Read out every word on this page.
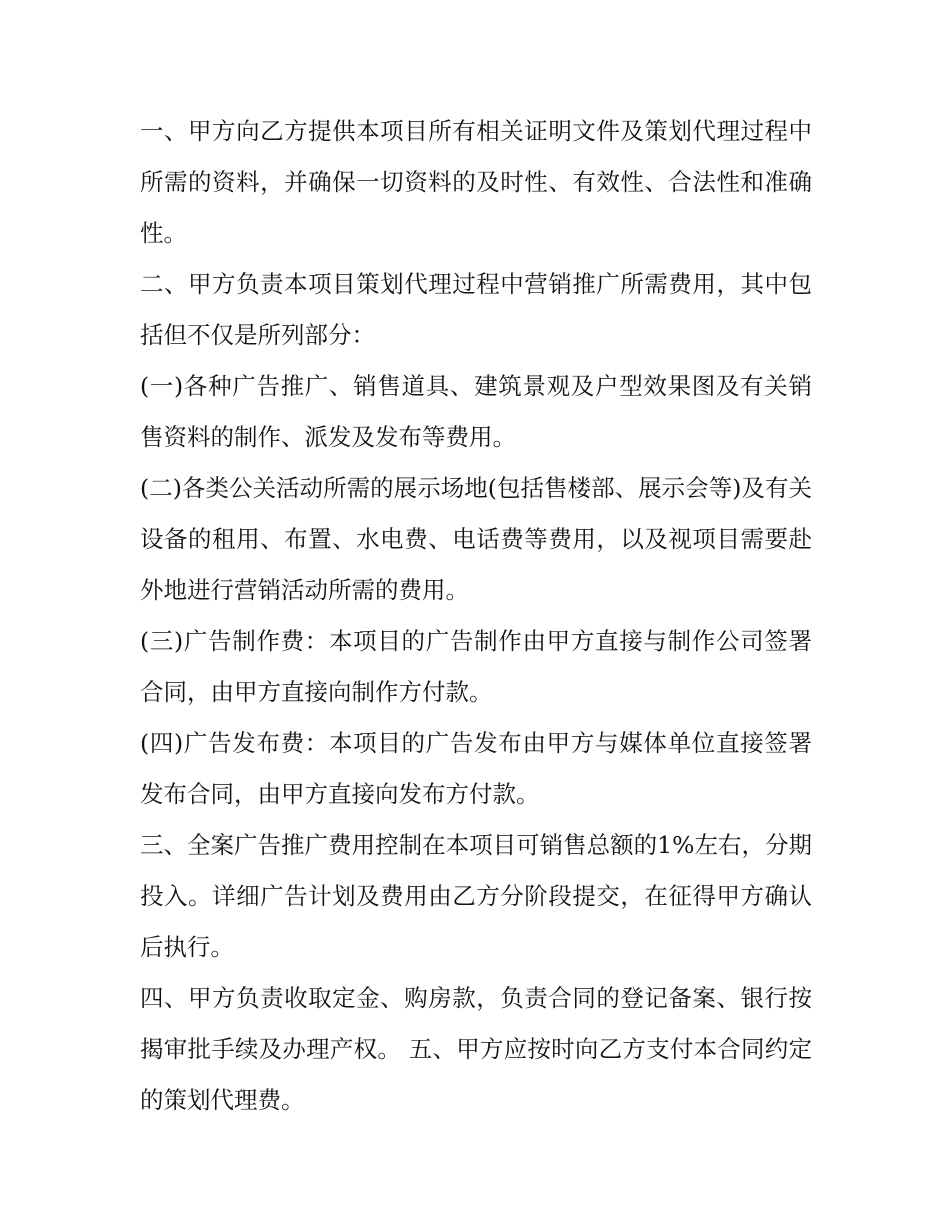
一、甲方向乙方提供本项目所有相关证明文件及策划代理过程中所需的资料，并确保一切资料的及时性、有效性、合法性和准确性。

二、甲方负责本项目策划代理过程中营销推广所需费用，其中包括但不仅是所列部分：

(一)各种广告推广、销售道具、建筑景观及户型效果图及有关销售资料的制作、派发及发布等费用。

(二)各类公关活动所需的展示场地(包括售楼部、展示会等)及有关设备的租用、布置、水电费、电话费等费用，以及视项目需要赴外地进行营销活动所需的费用。

(三)广告制作费：本项目的广告制作由甲方直接与制作公司签署合同，由甲方直接向制作方付款。

(四)广告发布费：本项目的广告发布由甲方与媒体单位直接签署发布合同，由甲方直接向发布方付款。

三、全案广告推广费用控制在本项目可销售总额的1%左右，分期投入。详细广告计划及费用由乙方分阶段提交，在征得甲方确认后执行。

四、甲方负责收取定金、购房款，负责合同的登记备案、银行按揭审批手续及办理产权。 五、甲方应按时向乙方支付本合同约定的策划代理费。
